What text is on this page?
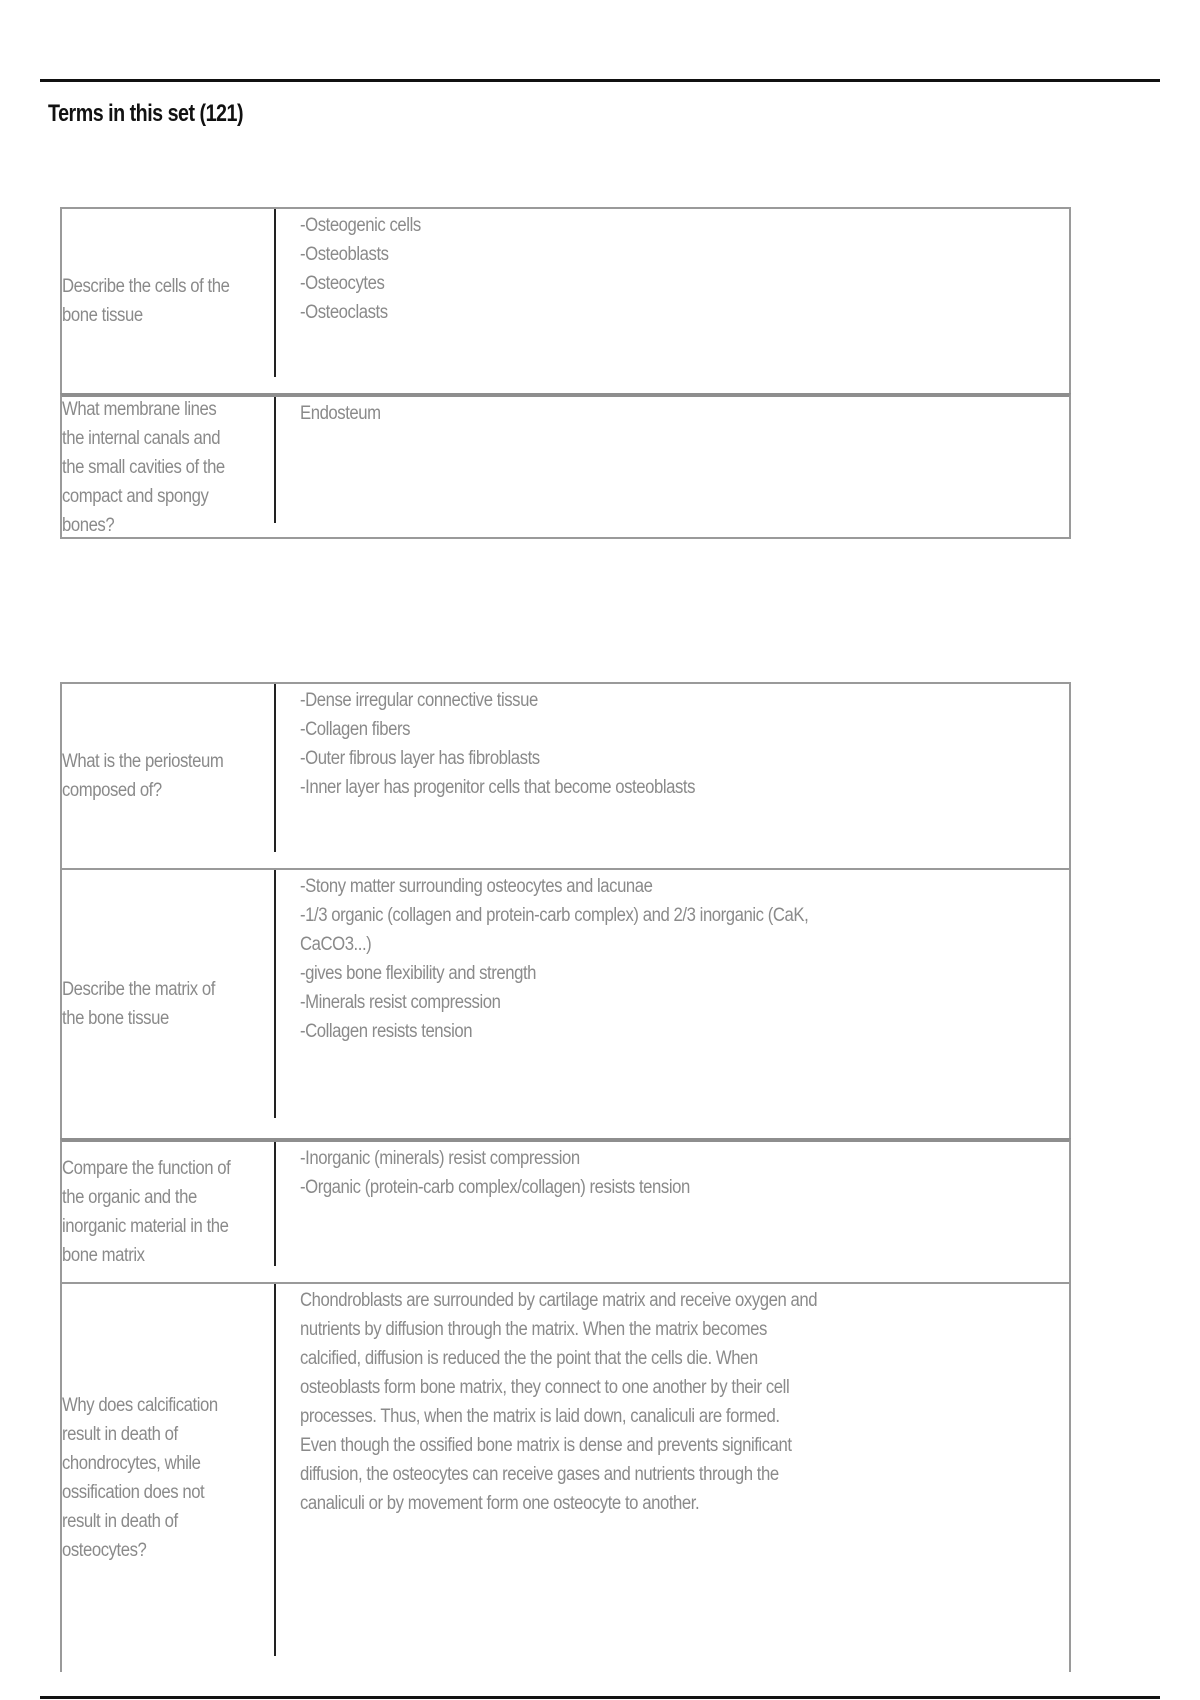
Terms in this set (121)
Describe the cells of the bone tissue
-Osteogenic cells
-Osteoblasts
-Osteocytes
-Osteoclasts
What membrane lines the internal canals and the small cavities of the compact and spongy bones?
Endosteum
What is the periosteum composed of?
-Dense irregular connective tissue
-Collagen fibers
-Outer fibrous layer has fibroblasts
-Inner layer has progenitor cells that become osteoblasts
Describe the matrix of the bone tissue
-Stony matter surrounding osteocytes and lacunae
-1/3 organic (collagen and protein-carb complex) and 2/3 inorganic (CaK, CaCO3...)
-gives bone flexibility and strength
-Minerals resist compression
-Collagen resists tension
Compare the function of the organic and the inorganic material in the bone matrix
-Inorganic (minerals) resist compression
-Organic (protein-carb complex/collagen) resists tension
Why does calcification result in death of chondrocytes, while ossification does not result in death of osteocytes?
Chondroblasts are surrounded by cartilage matrix and receive oxygen and nutrients by diffusion through the matrix. When the matrix becomes calcified, diffusion is reduced the the point that the cells die. When osteoblasts form bone matrix, they connect to one another by their cell processes. Thus, when the matrix is laid down, canaliculi are formed. Even though the ossified bone matrix is dense and prevents significant diffusion, the osteocytes can receive gases and nutrients through the canaliculi or by movement form one osteocyte to another.
